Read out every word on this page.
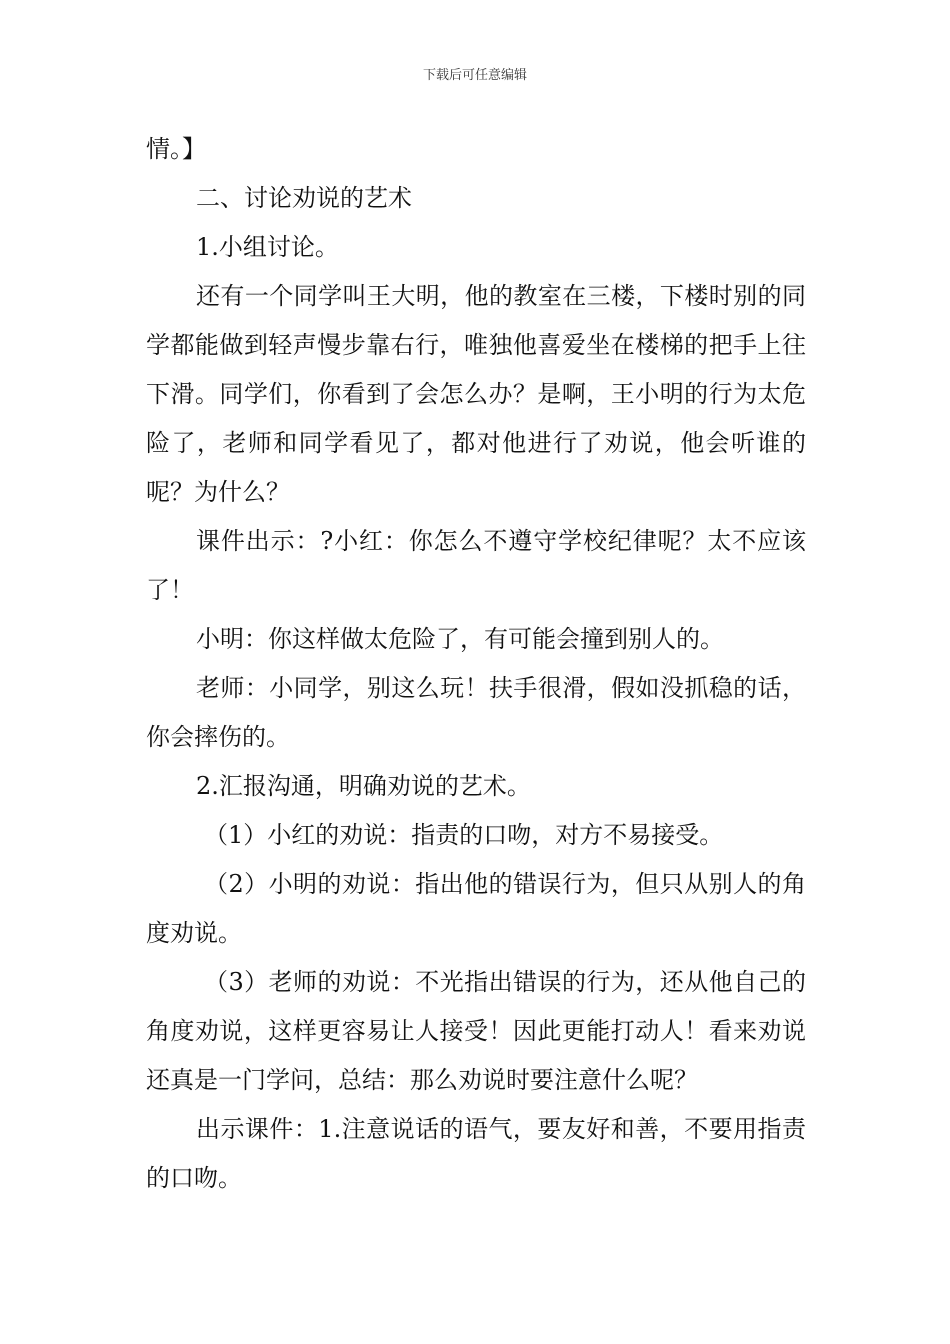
下载后可任意编辑

情。】

二、讨论劝说的艺术

1.小组讨论。

还有一个同学叫王大明，他的教室在三楼，下楼时别的同学都能做到轻声慢步靠右行，唯独他喜爱坐在楼梯的把手上往下滑。同学们，你看到了会怎么办？是啊，王小明的行为太危险了，老师和同学看见了，都对他进行了劝说，他会听谁的呢？为什么？

课件出示：?小红：你怎么不遵守学校纪律呢？太不应该了！

小明：你这样做太危险了，有可能会撞到别人的。

老师：小同学，别这么玩！扶手很滑，假如没抓稳的话，你会摔伤的。

2.汇报沟通，明确劝说的艺术。

（1）小红的劝说：指责的口吻，对方不易接受。

（2）小明的劝说：指出他的错误行为，但只从别人的角度劝说。

（3）老师的劝说：不光指出错误的行为，还从他自己的角度劝说，这样更容易让人接受！因此更能打动人！看来劝说还真是一门学问，总结：那么劝说时要注意什么呢？

出示课件：1.注意说话的语气，要友好和善，不要用指责的口吻。
